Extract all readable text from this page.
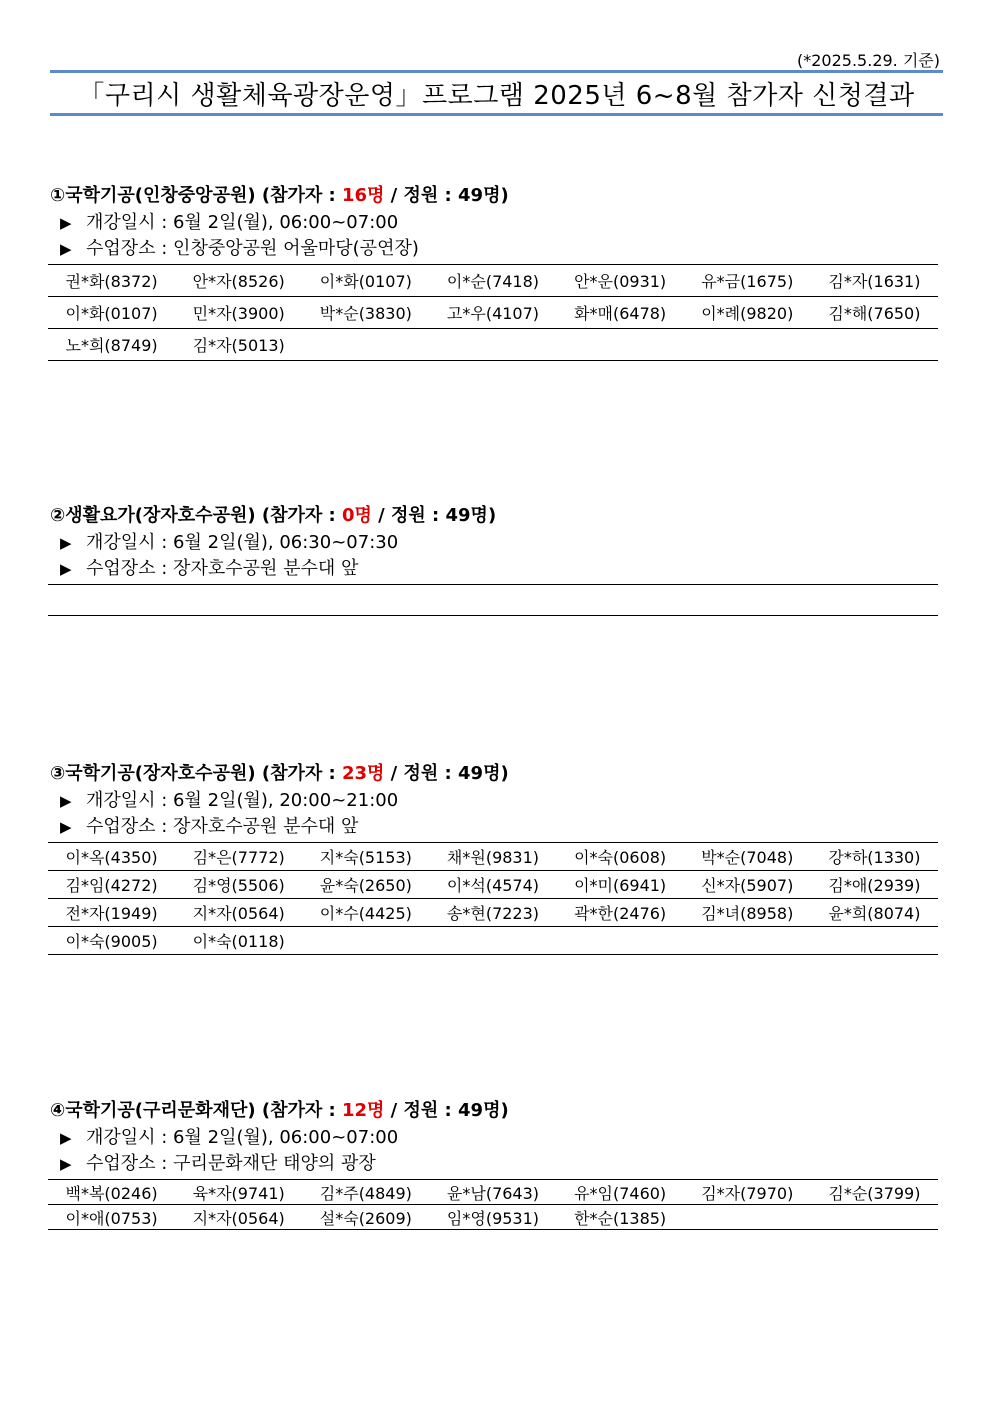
(*2025.5.29. 기준)
「구리시 생활체육광장운영」프로그램 2025년 6~8월 참가자 신청결과
①국학기공(인창중앙공원) (참가자 : 16명 / 정원 : 49명)
▶ 개강일시 : 6월 2일(월), 06:00~07:00
▶ 수업장소 : 인창중앙공원 어울마당(공연장)
권*화(8372)	안*자(8526)	이*화(0107)	이*순(7418)	안*운(0931)	유*금(1675)	김*자(1631)
이*화(0107)	민*자(3900)	박*순(3830)	고*우(4107)	화*매(6478)	이*례(9820)	김*해(7650)
노*희(8749)	김*자(5013)					
②생활요가(장자호수공원) (참가자 : 0명 / 정원 : 49명)
▶ 개강일시 : 6월 2일(월), 06:30~07:30
▶ 수업장소 : 장자호수공원 분수대 앞
③국학기공(장자호수공원) (참가자 : 23명 / 정원 : 49명)
▶ 개강일시 : 6월 2일(월), 20:00~21:00
▶ 수업장소 : 장자호수공원 분수대 앞
이*옥(4350)	김*은(7772)	지*숙(5153)	채*원(9831)	이*숙(0608)	박*순(7048)	강*하(1330)
김*임(4272)	김*영(5506)	윤*숙(2650)	이*석(4574)	이*미(6941)	신*자(5907)	김*애(2939)
전*자(1949)	지*자(0564)	이*수(4425)	송*현(7223)	곽*한(2476)	김*녀(8958)	윤*희(8074)
이*숙(9005)	이*숙(0118)					
④국학기공(구리문화재단) (참가자 : 12명 / 정원 : 49명)
▶ 개강일시 : 6월 2일(월), 06:00~07:00
▶ 수업장소 : 구리문화재단 태양의 광장
백*복(0246)	육*자(9741)	김*주(4849)	윤*남(7643)	유*임(7460)	김*자(7970)	김*순(3799)
이*애(0753)	지*자(0564)	설*숙(2609)	임*영(9531)	한*순(1385)		
